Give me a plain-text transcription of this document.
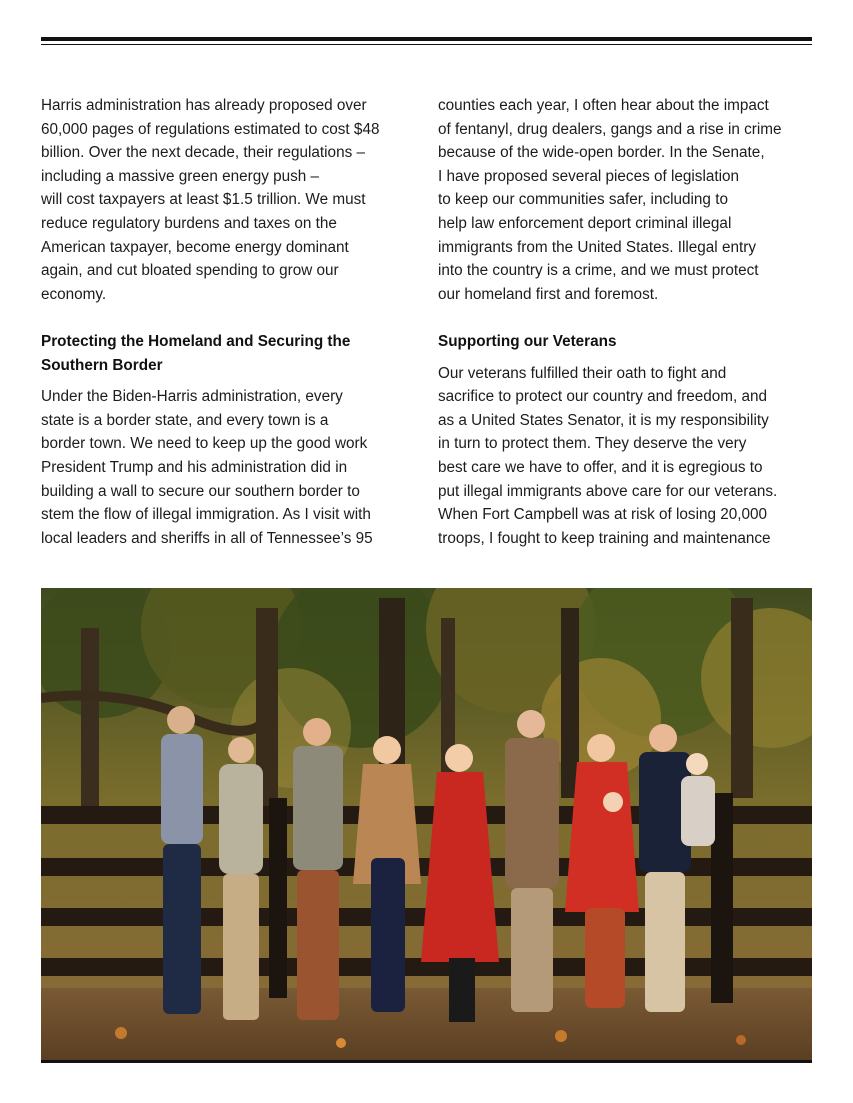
Harris administration has already proposed over
60,000 pages of regulations estimated to cost $48
billion. Over the next decade, their regulations –
including a massive green energy push –
will cost taxpayers at least $1.5 trillion. We must
reduce regulatory burdens and taxes on the
American taxpayer, become energy dominant
again, and cut bloated spending to grow our
economy.

Protecting the Homeland and Securing the
Southern Border

Under the Biden-Harris administration, every
state is a border state, and every town is a
border town. We need to keep up the good work
President Trump and his administration did in
building a wall to secure our southern border to
stem the flow of illegal immigration. As I visit with
local leaders and sheriffs in all of Tennessee’s 95

counties each year, I often hear about the impact
of fentanyl, drug dealers, gangs and a rise in crime
because of the wide-open border. In the Senate,
I have proposed several pieces of legislation
to keep our communities safer, including to
help law enforcement deport criminal illegal
immigrants from the United States. Illegal entry
into the country is a crime, and we must protect
our homeland first and foremost.

Supporting our Veterans

Our veterans fulfilled their oath to fight and
sacrifice to protect our country and freedom, and
as a United States Senator, it is my responsibility
in turn to protect them. They deserve the very
best care we have to offer, and it is egregious to
put illegal immigrants above care for our veterans.
When Fort Campbell was at risk of losing 20,000
troops, I fought to keep training and maintenance
